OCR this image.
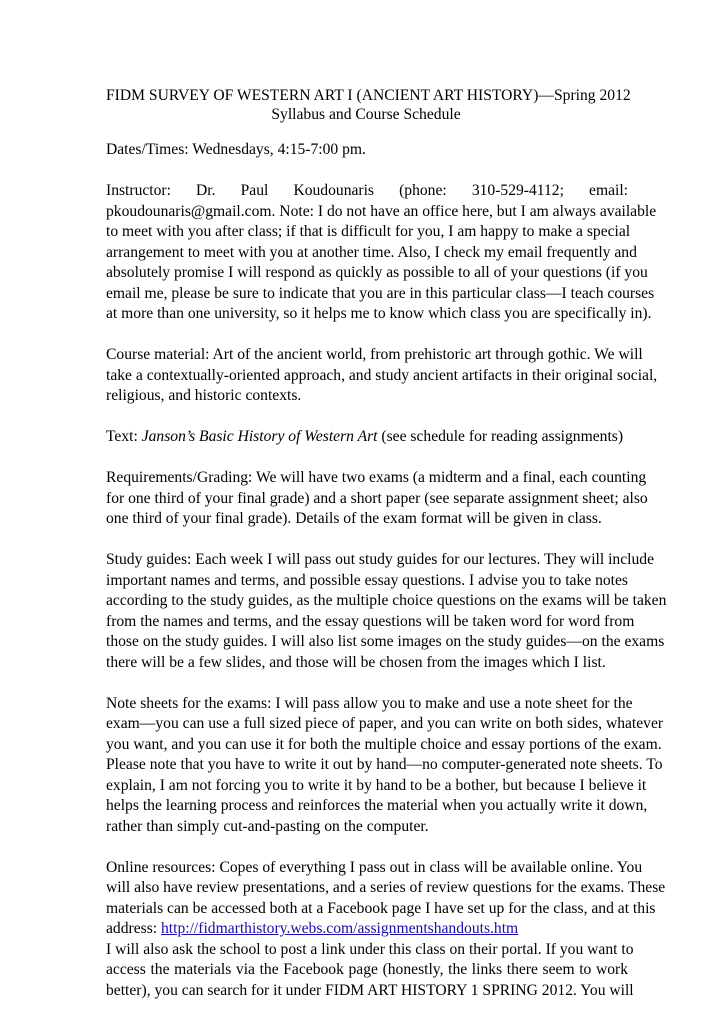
FIDM SURVEY OF WESTERN ART I (ANCIENT ART HISTORY)—Spring 2012
Syllabus and Course Schedule
Dates/Times: Wednesdays, 4:15-7:00 pm.
Instructor: Dr. Paul Koudounaris (phone: 310-529-4112; email:
pkoudounaris@gmail.com. Note: I do not have an office here, but I am always available
to meet with you after class; if that is difficult for you, I am happy to make a special
arrangement to meet with you at another time. Also, I check my email frequently and
absolutely promise I will respond as quickly as possible to all of your questions (if you
email me, please be sure to indicate that you are in this particular class—I teach courses
at more than one university, so it helps me to know which class you are specifically in).
Course material: Art of the ancient world, from prehistoric art through gothic. We will
take a contextually-oriented approach, and study ancient artifacts in their original social,
religious, and historic contexts.
Text: Janson’s Basic History of Western Art (see schedule for reading assignments)
Requirements/Grading: We will have two exams (a midterm and a final, each counting
for one third of your final grade) and a short paper (see separate assignment sheet; also
one third of your final grade). Details of the exam format will be given in class.
Study guides: Each week I will pass out study guides for our lectures. They will include
important names and terms, and possible essay questions. I advise you to take notes
according to the study guides, as the multiple choice questions on the exams will be taken
from the names and terms, and the essay questions will be taken word for word from
those on the study guides. I will also list some images on the study guides—on the exams
there will be a few slides, and those will be chosen from the images which I list.
Note sheets for the exams: I will pass allow you to make and use a note sheet for the
exam—you can use a full sized piece of paper, and you can write on both sides, whatever
you want, and you can use it for both the multiple choice and essay portions of the exam.
Please note that you have to write it out by hand—no computer-generated note sheets. To
explain, I am not forcing you to write it by hand to be a bother, but because I believe it
helps the learning process and reinforces the material when you actually write it down,
rather than simply cut-and-pasting on the computer.
Online resources: Copes of everything I pass out in class will be available online. You
will also have review presentations, and a series of review questions for the exams. These
materials can be accessed both at a Facebook page I have set up for the class, and at this
address: http://fidmarthistory.webs.com/assignmentshandouts.htm
I will also ask the school to post a link under this class on their portal. If you want to
access the materials via the Facebook page (honestly, the links there seem to work
better), you can search for it under FIDM ART HISTORY 1 SPRING 2012. You will
